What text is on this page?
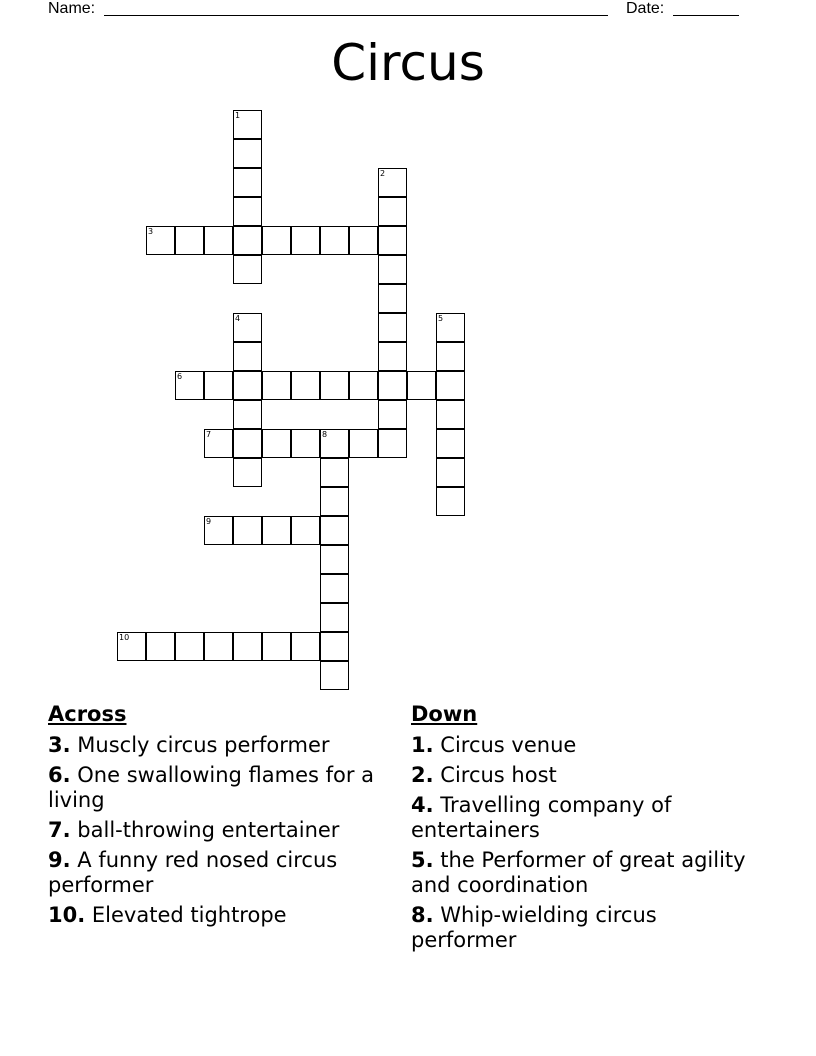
Name:	Date:
Circus
1
2
3
4	5
6
7	8
9
10
Across
3. Muscly circus performer
6. One swallowing flames for a living
7. ball-throwing entertainer
9. A funny red nosed circus performer
10. Elevated tightrope
Down
1. Circus venue
2. Circus host
4. Travelling company of entertainers
5. the Performer of great agility and coordination
8. Whip-wielding circus performer
